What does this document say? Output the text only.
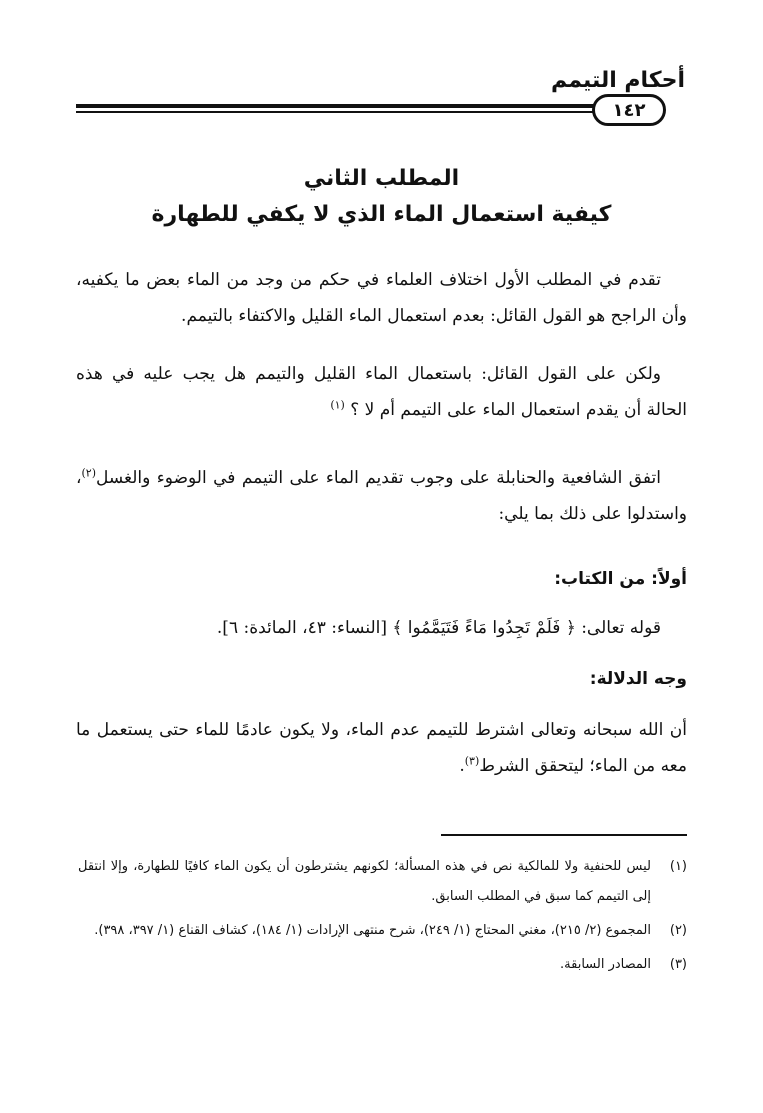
أحكام التيمم
١٤٢
المطلب الثاني
كيفية استعمال الماء الذي لا يكفي للطهارة

تقدم في المطلب الأول اختلاف العلماء في حكم من وجد من الماء بعض ما يكفيه، وأن الراجح هو القول القائل: بعدم استعمال الماء القليل والاكتفاء بالتيمم.

ولكن على القول القائل: باستعمال الماء القليل والتيمم هل يجب عليه في هذه الحالة أن يقدم استعمال الماء على التيمم أم لا ؟ $^{(١)}$

اتفق الشافعية والحنابلة على وجوب تقديم الماء على التيمم في الوضوء والغسل$^{(٢)}$، واستدلوا على ذلك بما يلي:

أولاً: من الكتاب:

قوله تعالى: ﴿ فَلَمْ تَجِدُوا مَاءً فَتَيَمَّمُوا ﴾ [النساء: ٤٣، المائدة: ٦].

وجه الدلالة:

أن الله سبحانه وتعالى اشترط للتيمم عدم الماء، ولا يكون عادمًا للماء حتى يستعمل ما معه من الماء؛ ليتحقق الشرط$^{(٣)}$.

(١)
ليس للحنفية ولا للمالكية نص في هذه المسألة؛ لكونهم يشترطون أن يكون الماء كافيًا للطهارة، وإلا انتقل إلى التيمم كما سبق في المطلب السابق.
(٢)
المجموع (٢/ ٢١٥)، مغني المحتاج (١/ ٢٤٩)، شرح منتهى الإرادات (١/ ١٨٤)، كشاف القناع (١/ ٣٩٧، ٣٩٨).
(٣)
المصادر السابقة.
